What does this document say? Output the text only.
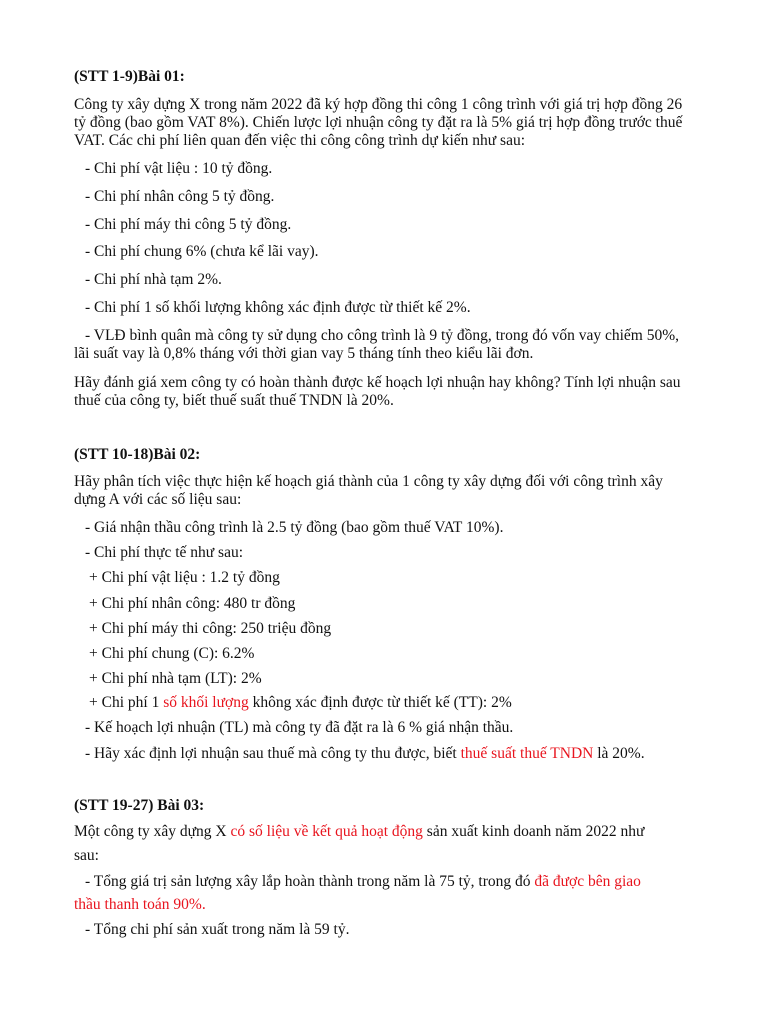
(STT 1-9)Bài 01:
Công ty xây dựng X trong năm 2022 đã ký hợp đồng thi công 1 công trình với giá trị hợp đồng 26 tỷ đồng (bao gồm VAT 8%). Chiến lược lợi nhuận công ty đặt ra là 5% giá trị hợp đồng trước thuế VAT. Các chi phí liên quan đến việc thi công công trình dự kiến như sau:
- Chi phí vật liệu : 10 tỷ đồng.
- Chi phí nhân công 5 tỷ đồng.
- Chi phí máy thi công 5 tỷ đồng.
- Chi phí chung 6% (chưa kể lãi vay).
- Chi phí nhà tạm 2%.
- Chi phí 1 số khối lượng không xác định được từ thiết kế 2%.
- VLĐ bình quân mà công ty sử dụng cho công trình là 9 tỷ đồng, trong đó vốn vay chiếm 50%, lãi suất vay là 0,8% tháng với thời gian vay 5 tháng tính theo kiểu lãi đơn.
Hãy đánh giá xem công ty có hoàn thành được kế hoạch lợi nhuận hay không? Tính lợi nhuận sau thuế của công ty, biết thuế suất thuế TNDN là 20%.
(STT 10-18)Bài 02:
Hãy phân tích việc thực hiện kế hoạch giá thành của 1 công ty xây dựng đối với công trình xây dựng A với các số liệu sau:
- Giá nhận thầu công trình là 2.5 tỷ đồng (bao gồm thuế VAT 10%).
- Chi phí thực tế như sau:
+ Chi phí vật liệu : 1.2 tỷ đồng
+ Chi phí nhân công: 480 tr đồng
+ Chi phí máy thi công: 250 triệu đồng
+ Chi phí chung (C): 6.2%
+ Chi phí nhà tạm (LT): 2%
+ Chi phí 1 số khối lượng không xác định được từ thiết kế (TT): 2%
- Kế hoạch lợi nhuận (TL) mà công ty đã đặt ra là 6 % giá nhận thầu.
- Hãy xác định lợi nhuận sau thuế mà công ty thu được, biết thuế suất thuế TNDN là 20%.
(STT 19-27) Bài 03:
Một công ty xây dựng X có số liệu về kết quả hoạt động sản xuất kinh doanh năm 2022 như
sau:
- Tổng giá trị sản lượng xây lắp hoàn thành trong năm là 75 tỷ, trong đó đã được bên giao
thầu thanh toán 90%.
- Tổng chi phí sản xuất trong năm là 59 tỷ.
